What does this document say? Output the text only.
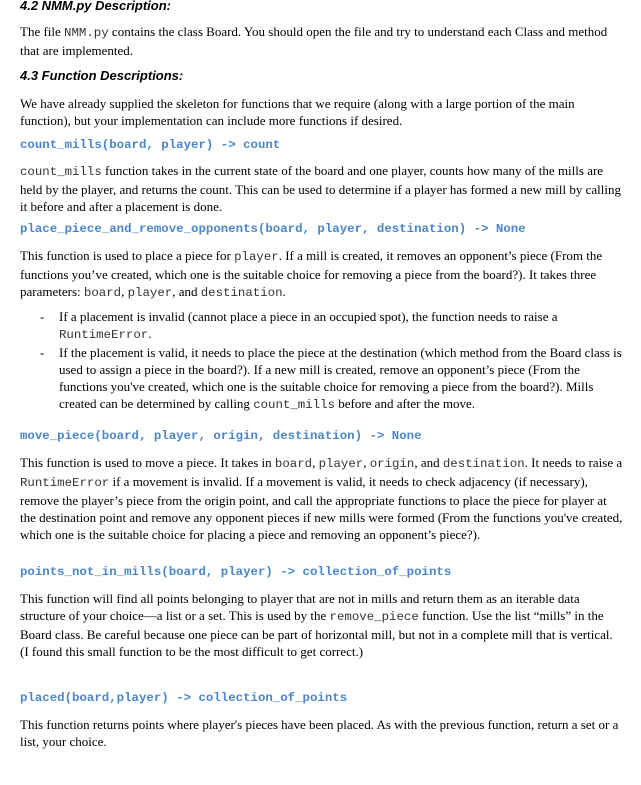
4.2 NMM.py Description:

The file NMM.py contains the class Board. You should open the file and try to understand each Class and method that are implemented.

4.3 Function Descriptions:

We have already supplied the skeleton for functions that we require (along with a large portion of the main function), but your implementation can include more functions if desired.

count_mills(board, player) -> count

count_mills function takes in the current state of the board and one player, counts how many of the mills are held by the player, and returns the count. This can be used to determine if a player has formed a new mill by calling it before and after a placement is done.

place_piece_and_remove_opponents(board, player, destination) -> None

This function is used to place a piece for player. If a mill is created, it removes an opponent’s piece (From the functions you’ve created, which one is the suitable choice for removing a piece from the board?). It takes three parameters: board, player, and destination.

- If a placement is invalid (cannot place a piece in an occupied spot), the function needs to raise a RuntimeError.
- If the placement is valid, it needs to place the piece at the destination (which method from the Board class is used to assign a piece in the board?). If a new mill is created, remove an opponent’s piece (From the functions you've created, which one is the suitable choice for removing a piece from the board?). Mills created can be determined by calling count_mills before and after the move.
move_piece(board, player, origin, destination) -> None

This function is used to move a piece. It takes in board, player, origin, and destination. It needs to raise a RuntimeError if a movement is invalid. If a movement is valid, it needs to check adjacency (if necessary), remove the player’s piece from the origin point, and call the appropriate functions to place the piece for player at the destination point and remove any opponent pieces if new mills were formed (From the functions you've created, which one is the suitable choice for placing a piece and removing an opponent’s piece?).

points_not_in_mills(board, player) -> collection_of_points

This function will find all points belonging to player that are not in mills and return them as an iterable data structure of your choice—a list or a set. This is used by the remove_piece function. Use the list “mills” in the Board class. Be careful because one piece can be part of horizontal mill, but not in a complete mill that is vertical. (I found this small function to be the most difficult to get correct.)

placed(board,player) -> collection_of_points

This function returns points where player's pieces have been placed. As with the previous function, return a set or a list, your choice.
